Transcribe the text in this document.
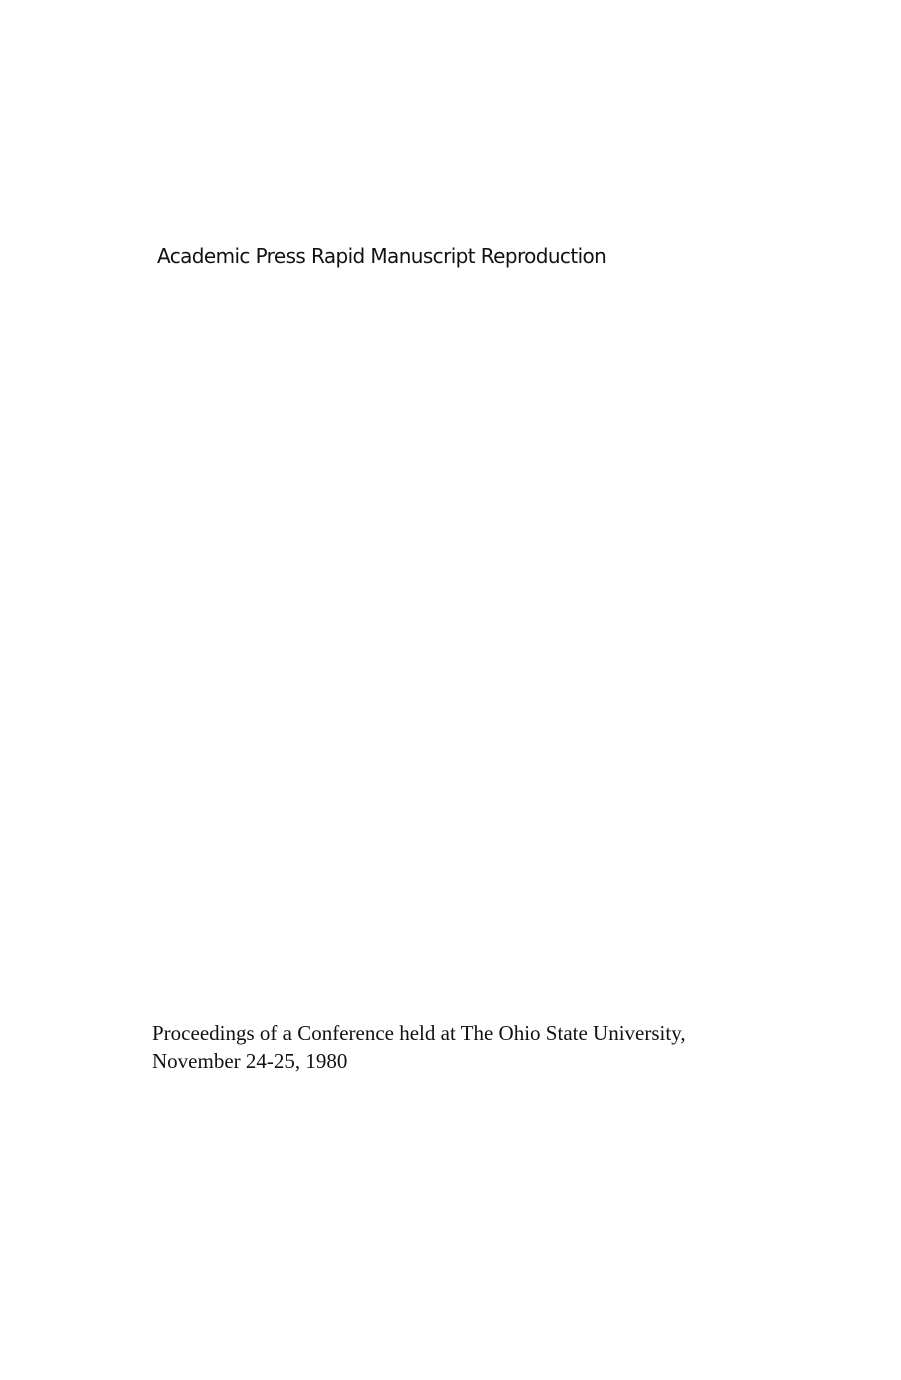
Academic Press Rapid Manuscript Reproduction

Proceedings of a Conference held at The Ohio State University,
November 24-25, 1980
